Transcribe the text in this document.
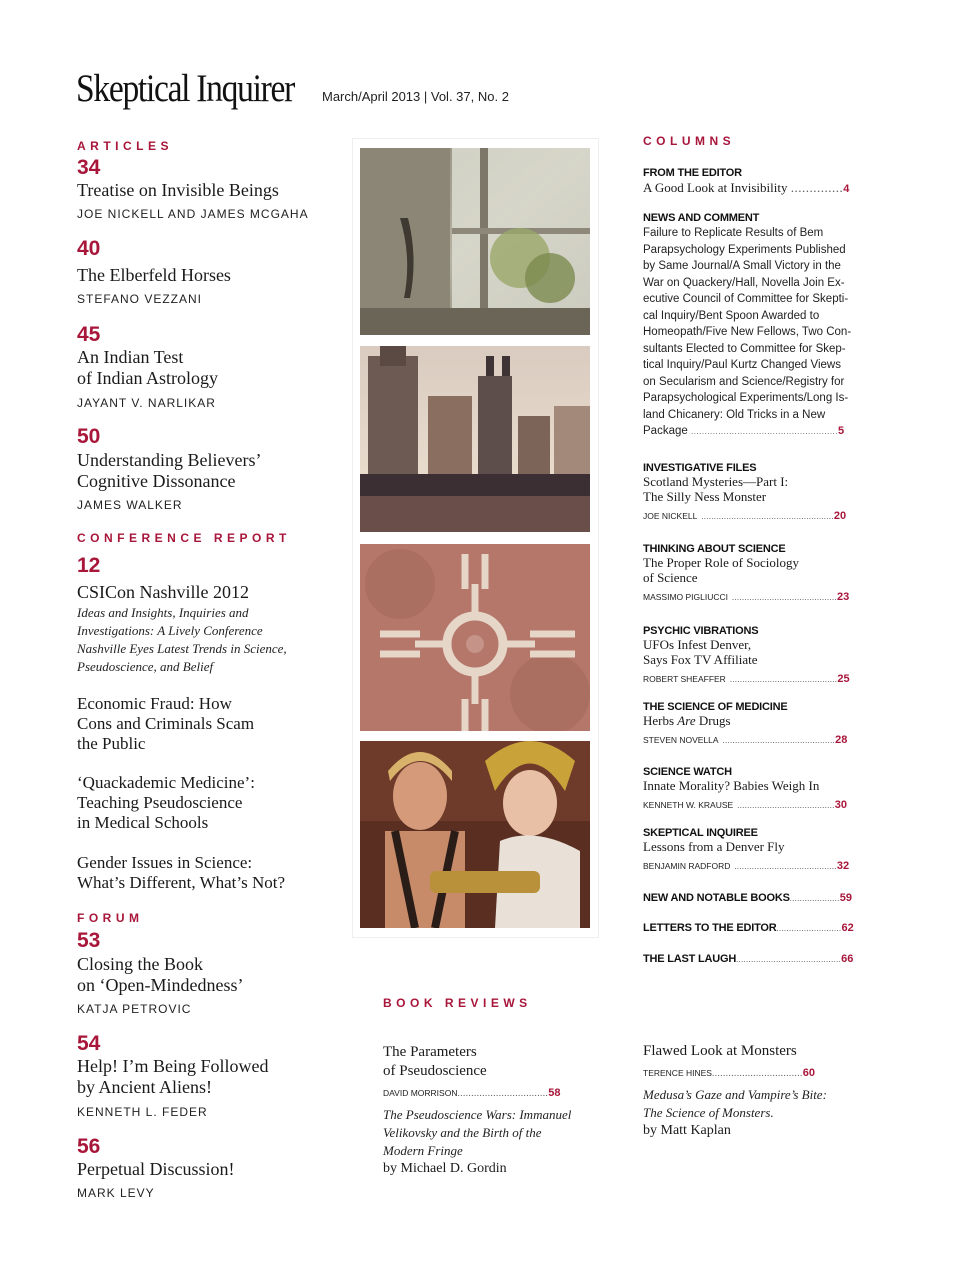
Skeptical Inquirer March/April 2013 | Vol. 37, No. 2
ARTICLES
34
Treatise on Invisible Beings
JOE NICKELL AND JAMES MCGAHA
40
The Elberfeld Horses
STEFANO VEZZANI
45
An Indian Test
of Indian Astrology
JAYANT V. NARLIKAR
50
Understanding Believers’
Cognitive Dissonance
JAMES WALKER
CONFERENCE REPORT
12
CSICon Nashville 2012
Ideas and Insights, Inquiries and
Investigations: A Lively Conference
Nashville Eyes Latest Trends in Science,
Pseudoscience, and Belief
Economic Fraud: How
Cons and Criminals Scam
the Public
‘Quackademic Medicine’:
Teaching Pseudoscience
in Medical Schools
Gender Issues in Science:
What’s Different, What’s Not?
FORUM
53
Closing the Book
on ‘Open-Mindedness’
KATJA PETROVIC
54
Help! I’m Being Followed
by Ancient Aliens!
KENNETH L. FEDER
56
Perpetual Discussion!
MARK LEVY
COLUMNS
FROM THE EDITOR
A Good Look at Invisibility ..............4
NEWS AND COMMENT
Failure to Replicate Results of Bem
Parapsychology Experiments Published
by Same Journal/A Small Victory in the
War on Quackery/Hall, Novella Join Ex-
ecutive Council of Committee for Skepti-
cal Inquiry/Bent Spoon Awarded to
Homeopath/Five New Fellows, Two Con-
sultants Elected to Committee for Skep-
tical Inquiry/Paul Kurtz Changed Views
on Secularism and Science/Registry for
Parapsychological Experiments/Long Is-
land Chicanery: Old Tricks in a New
Package ......................................................5
INVESTIGATIVE FILES
Scotland Mysteries—Part I:
The Silly Ness Monster
JOE NICKELL .....................................................20
THINKING ABOUT SCIENCE
The Proper Role of Sociology
of Science
MASSIMO PIGLIUCCI ..........................................23
PSYCHIC VIBRATIONS
UFOs Infest Denver,
Says Fox TV Affiliate
ROBERT SHEAFFER ...........................................25
THE SCIENCE OF MEDICINE
Herbs Are Drugs
STEVEN NOVELLA .............................................28
SCIENCE WATCH
Innate Morality? Babies Weigh In
KENNETH W. KRAUSE .......................................30
SKEPTICAL INQUIREE
Lessons from a Denver Fly
BENJAMIN RADFORD .........................................32
NEW AND NOTABLE BOOKS....................59
LETTERS TO THE EDITOR..........................62
THE LAST LAUGH..........................................66
BOOK REVIEWS
The Parameters
of Pseudoscience
DAVID MORRISON.................................58
The Pseudoscience Wars: Immanuel
Velikovsky and the Birth of the
Modern Fringe
by Michael D. Gordin
Flawed Look at Monsters
TERENCE HINES.................................60
Medusa’s Gaze and Vampire’s Bite:
The Science of Monsters.
by Matt Kaplan
